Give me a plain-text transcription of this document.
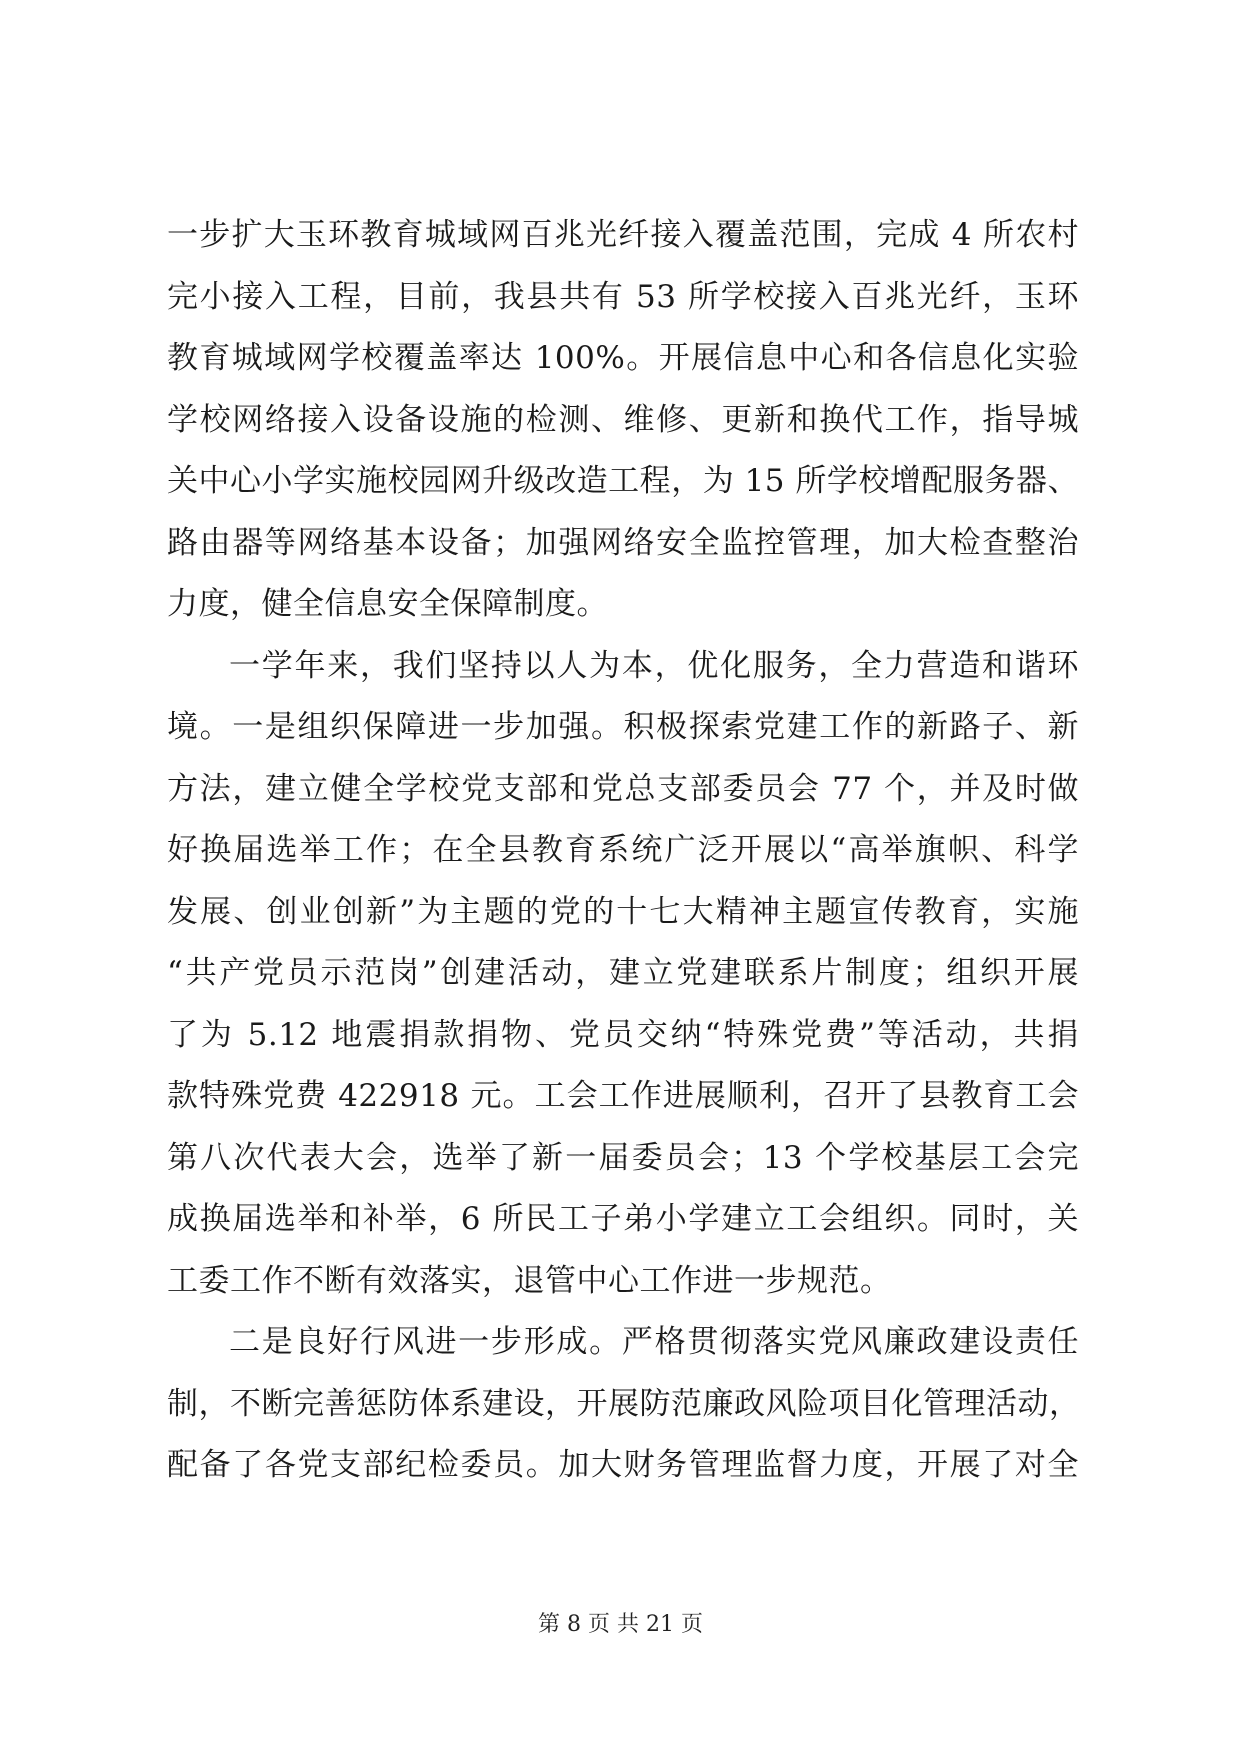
一步扩大玉环教育城域网百兆光纤接入覆盖范围，完成 4 所农村
完小接入工程，目前，我县共有 53 所学校接入百兆光纤，玉环
教育城域网学校覆盖率达 100%。开展信息中心和各信息化实验
学校网络接入设备设施的检测、维修、更新和换代工作，指导城
关中心小学实施校园网升级改造工程，为 15 所学校增配服务器、
路由器等网络基本设备；加强网络安全监控管理，加大检查整治
力度，健全信息安全保障制度。
一学年来，我们坚持以人为本，优化服务，全力营造和谐环
境。一是组织保障进一步加强。积极探索党建工作的新路子、新
方法，建立健全学校党支部和党总支部委员会 77 个，并及时做
好换届选举工作；在全县教育系统广泛开展以“高举旗帜、科学
发展、创业创新”为主题的党的十七大精神主题宣传教育，实施
“共产党员示范岗”创建活动，建立党建联系片制度；组织开展
了为 5.12 地震捐款捐物、党员交纳“特殊党费”等活动，共捐
款特殊党费 422918 元。工会工作进展顺利，召开了县教育工会
第八次代表大会，选举了新一届委员会；13 个学校基层工会完
成换届选举和补举，6 所民工子弟小学建立工会组织。同时，关
工委工作不断有效落实，退管中心工作进一步规范。
二是良好行风进一步形成。严格贯彻落实党风廉政建设责任
制，不断完善惩防体系建设，开展防范廉政风险项目化管理活动，
配备了各党支部纪检委员。加大财务管理监督力度，开展了对全
第 8 页 共 21 页
